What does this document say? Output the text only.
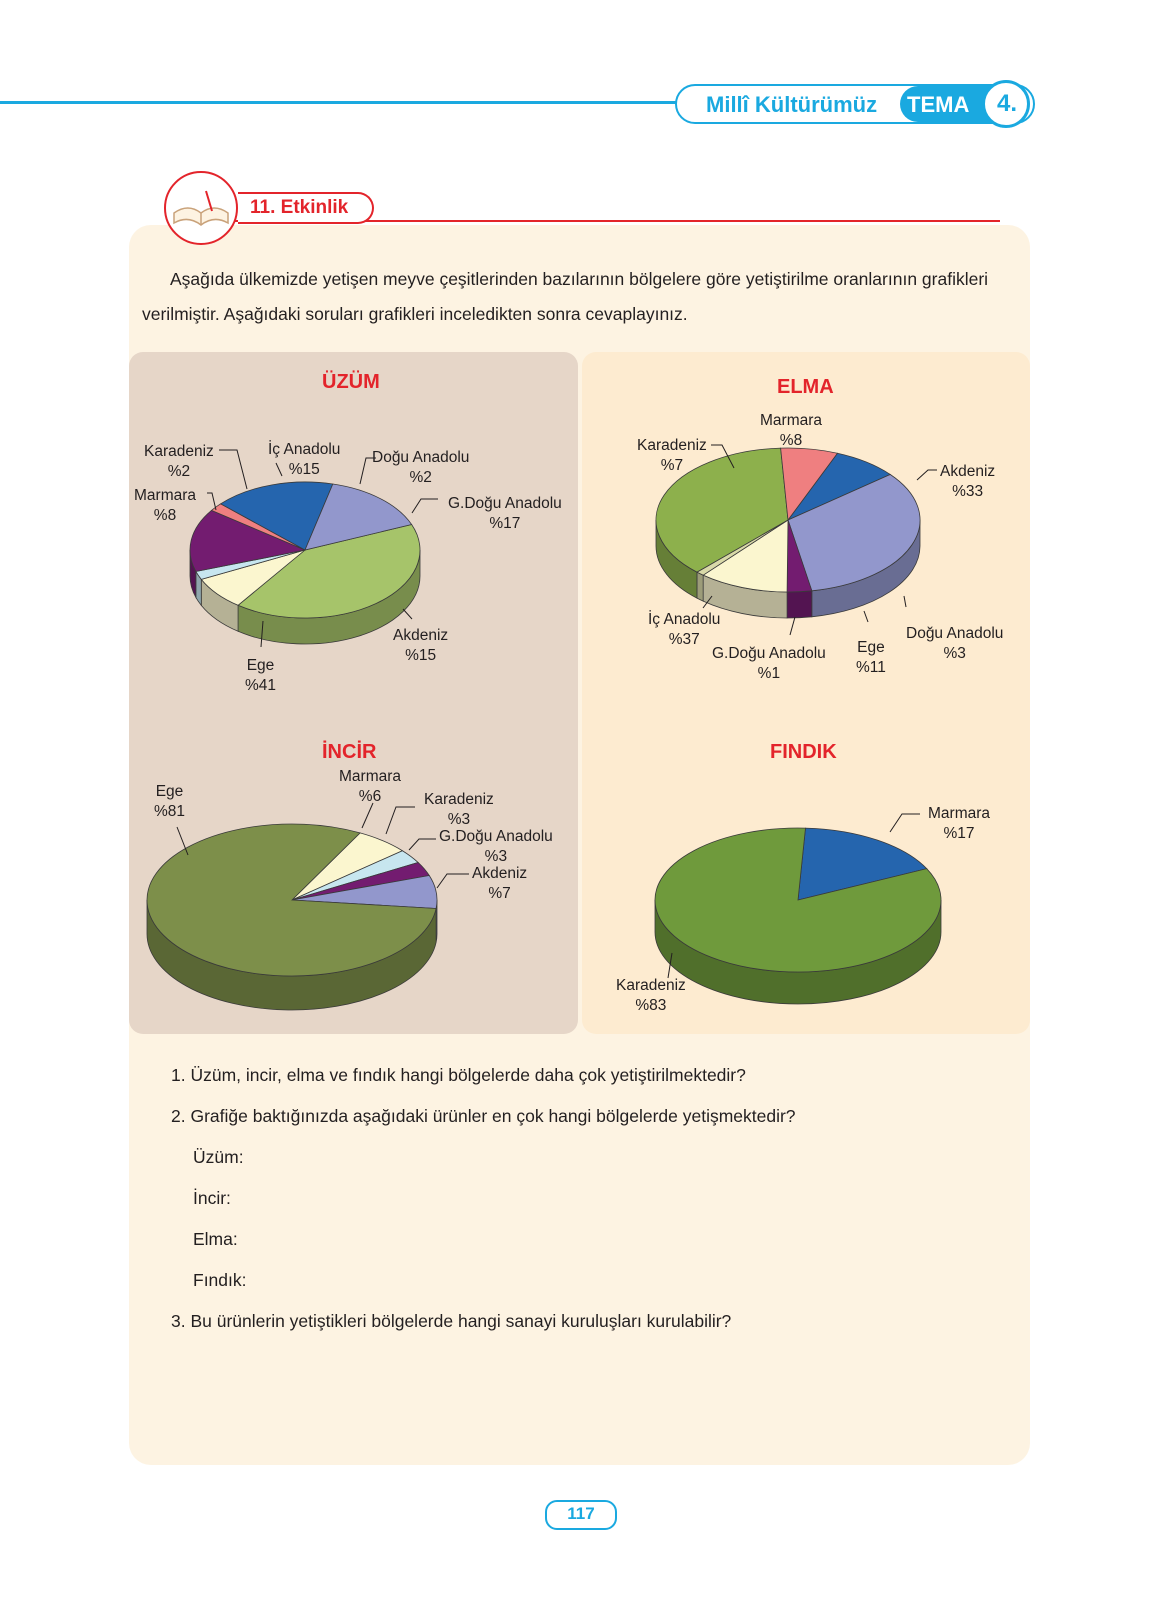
Millî Kültürümüz TEMA	4.
11. Etkinlik
Aşağıda ülkemizde yetişen meyve çeşitlerinden bazılarının bölgelere göre yetiştirilme oranlarının grafikleri verilmiştir. Aşağıdaki soruları grafikleri inceledikten sonra cevaplayınız.
ÜZÜM	ELMA
İNCİR	FINDIK
Karadeniz
%2
Marmara
%8
İç Anadolu
%15
Doğu Anadolu
%2
G.Doğu Anadolu
%17
Akdeniz
%15
Ege
%41
Marmara
%8
Karadeniz
%7	Akdeniz
%33
Doğu Anadolu
%3
Ege
%11
G.Doğu Anadolu
%1
İç Anadolu
%37
Ege
%81
Marmara
%6	Karadeniz
%3
G.Doğu Anadolu
%3
Akdeniz
%7
Marmara
%17
Karadeniz
%83
1. Üzüm, incir, elma ve fındık hangi bölgelerde daha çok yetiştirilmektedir?
2. Grafiğe baktığınızda aşağıdaki ürünler en çok hangi bölgelerde yetişmektedir?
Üzüm:
İncir:
Elma:
Fındık:
3. Bu ürünlerin yetiştikleri bölgelerde hangi sanayi kuruluşları kurulabilir?
117
